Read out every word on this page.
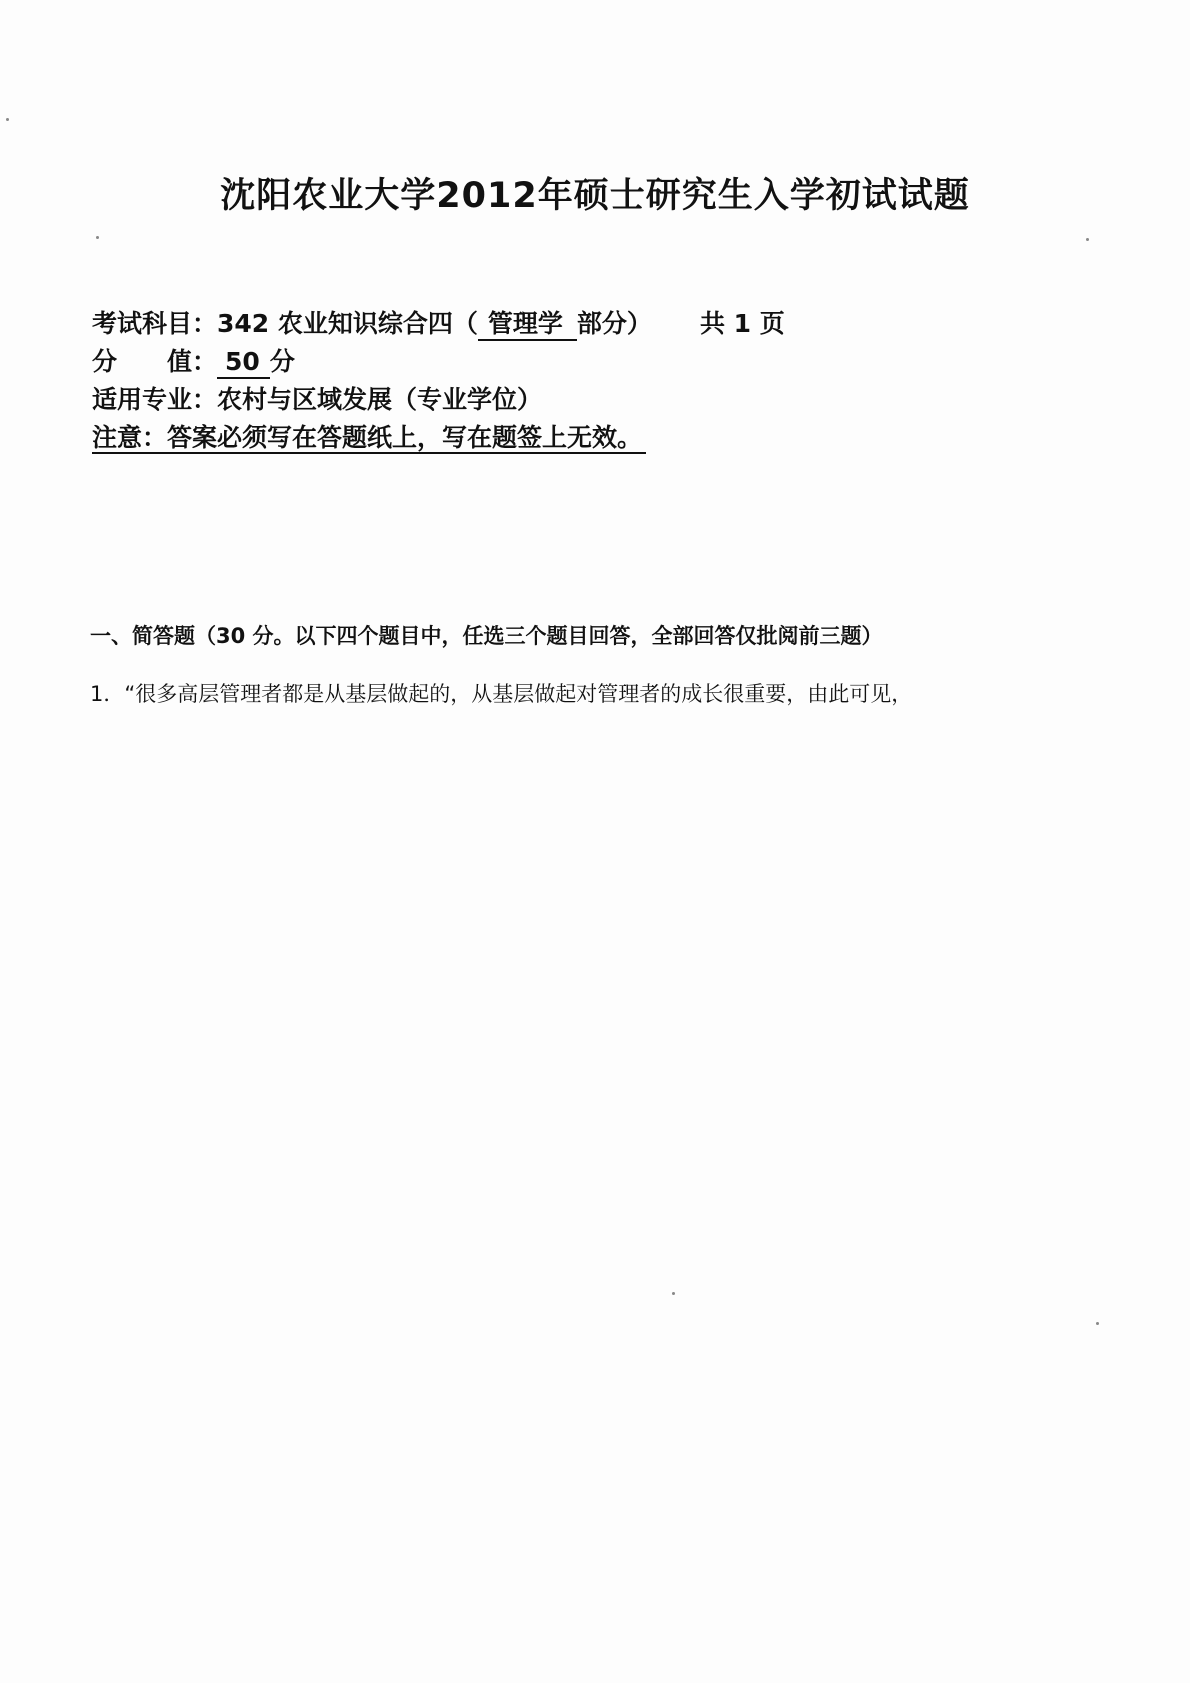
沈阳农业大学2012年硕士研究生入学初试试题
考试科目：342 农业知识综合四（ 管理学 部分） 共 1 页
分 值： 50 分
适用专业：农村与区域发展（专业学位）
注意：答案必须写在答题纸上，写在题签上无效。
一、简答题（30 分。以下四个题目中，任选三个题目回答，全部回答仅批阅前三题）
1．“很多高层管理者都是从基层做起的，从基层做起对管理者的成长很重要，由此可见，
